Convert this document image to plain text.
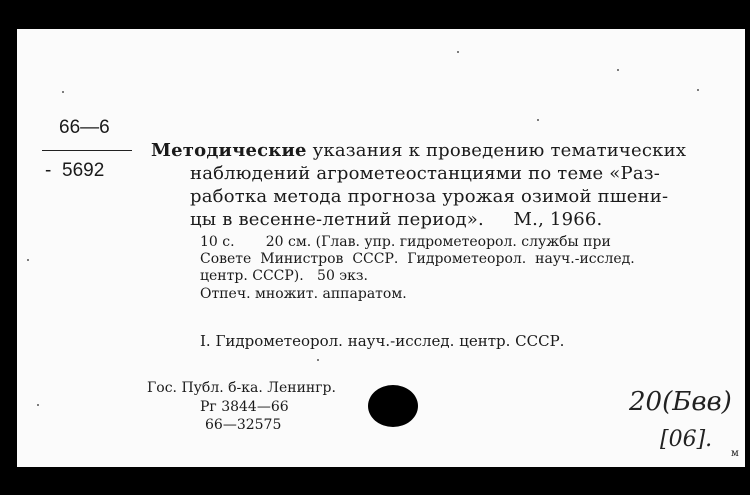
66—6
- 5692
Методические указания к проведению тематических
наблюдений агрометеостанциями по теме «Раз-
работка метода прогноза урожая озимой пшени-
цы в весенне-летний период».     М., 1966.
10 с.       20 см. (Глав. упр. гидрометеорол. службы при
Совете  Министров  СССР.  Гидрометеорол.  науч.-исслед.
центр. СССР).   50 экз.
Отпеч. множит. аппаратом.
I. Гидрометеорол. науч.-исслед. центр. СССР.
Гос. Публ. б-ка. Ленингр.
Рг 3844—66
66—32575
20(Бвв)
[06].
м
